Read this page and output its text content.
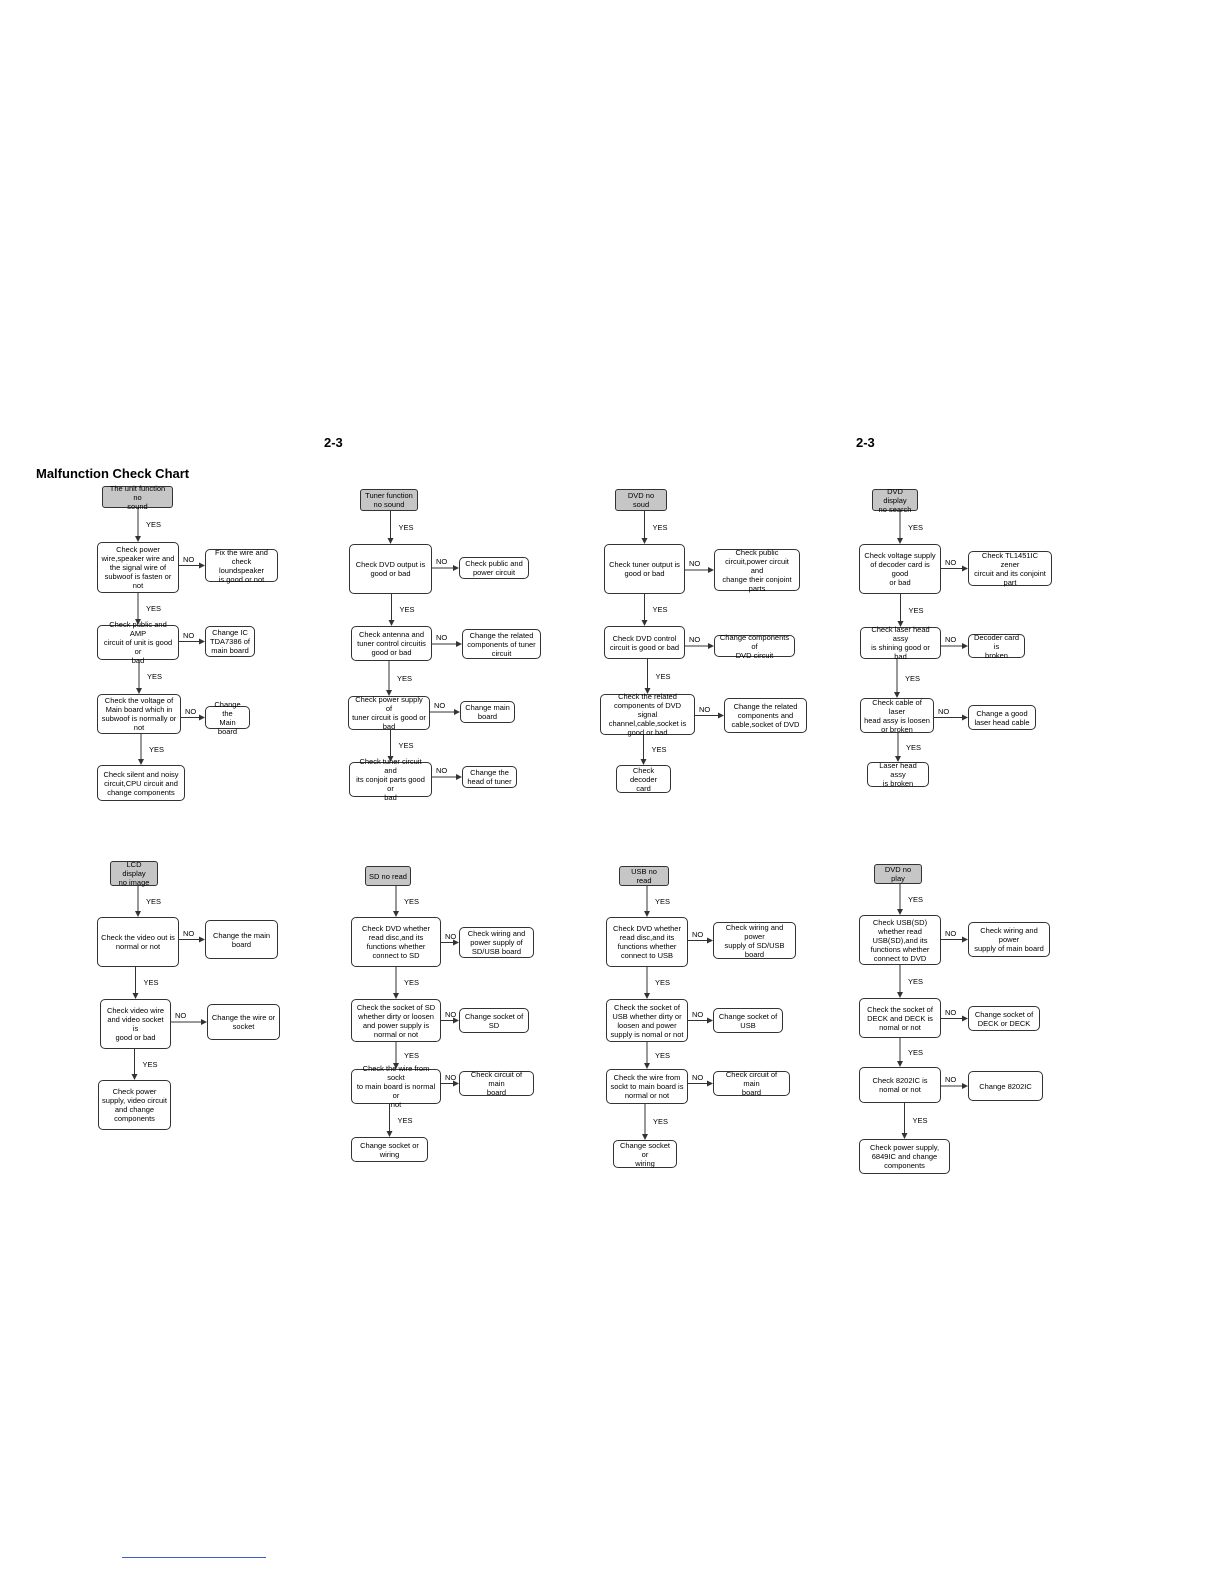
2-3	2-3
Malfunction Check Chart
The unit function no
sound
YES
Check power
wire,speaker wire and
the signal wire of
subwoof is fasten or
not
Fix the wire and
check loundspeaker
is good or not
NO
YES
Check public and AMP
circuit of unit is good or
bad
Change IC
TDA7386 of
main board
NO
YES
Check the voltage of
Main board which in
subwoof is normally or
not
Change the
Main board
NO
YES
Check silent and noisy
circuit,CPU circuit and
change components
Tuner function
no sound
YES
Check DVD output is
good or bad
Check public and
power circuit
NO
YES
Check antenna and
tuner control circuitis
good or bad
Change the related
components of tuner
circuit
NO
YES
Check power supply of
tuner circuit is good or
bad
Change main
board
NO
YES
Check tuner circuit and
its conjoit parts good or
bad
Change the
head of tuner
NO
DVD no soud
YES
Check tuner output is
good or bad
Check public
circuit,power circuit and
change their conjoint
parts
NO
YES
Check DVD control
circuit is good or bad
Change components of
DVD circuit
NO
YES
Check the related
components of DVD signal
channel,cable,socket is
good or bad
Change the related
components and
cable,socket of DVD
NO
YES
Check decoder
card
DVD display
no search
YES
Check voltage supply
of decoder card is good
or bad
Check TL1451IC zener
circuit and its conjoint
part
NO
YES
Check laser head assy
is shining good or bad
Decoder card is
broken
NO
YES
Check cable of laser
head assy is loosen
or broken
Change a good
laser head cable
NO
YES
Laser head assy
is broken
LCD display
no image
YES
Check the video out is
normal or not
Change the main
board
NO
YES
Check video wire
and video socket is
good or bad
Change the wire or
socket
NO
YES
Check power
supply, video circuit
and change
components
SD no read
YES
Check DVD whether
read disc,and its
functions whether
connect to SD
Check wiring and
power supply of
SD/USB board
NO
YES
Check the socket of SD
whether dirty or loosen
and power supply is
normal or not
Change socket of
SD
NO
YES
Check the wire from sockt
to main board is normal or
not
Check circuit of main
board
NO
YES
Change socket or
wiring
USB no read
YES
Check DVD whether
read disc,and its
functions whether
connect to USB
Check wiring and power
supply of SD/USB
board
NO
YES
Check the socket of
USB whether dirty or
loosen and power
supply is nomal or not
Change socket of
USB
NO
YES
Check the wire from
sockt to main board is
normal or not
Check circuit of main
board
NO
YES
Change socket or
wiring
DVD no play
YES
Check USB(SD)
whether read
USB(SD),and its
functions whether
connect to DVD
Check wiring and power
supply of main board
NO
YES
Check the socket of
DECK and DECK is
nomal or not
Change socket of
DECK or DECK
NO
YES
Check 8202IC is
nomal or not	Change 8202IC
NO
YES
Check power supply,
6849IC and change
components
